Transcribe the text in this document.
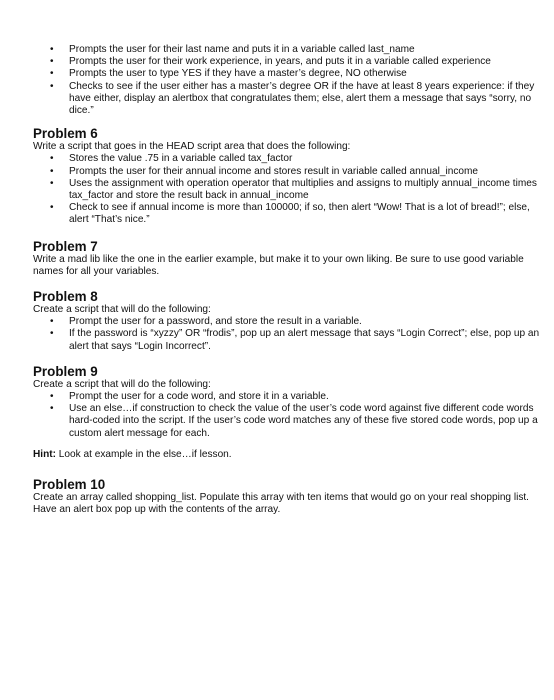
• Prompts the user for their last name and puts it in a variable called last_name
• Prompts the user for their work experience, in years, and puts it in a variable called experience
• Prompts the user to type YES if they have a master’s degree, NO otherwise
• Checks to see if the user either has a master’s degree OR if the have at least 8 years experience: if they have either, display an alertbox that congratulates them; else, alert them a message that says “sorry, no dice.”
Problem 6

Write a script that goes in the HEAD script area that does the following:

• Stores the value .75 in a variable called tax_factor
• Prompts the user for their annual income and stores result in variable called annual_income
• Uses the assignment with operation operator that multiplies and assigns to multiply annual_income times tax_factor and store the result back in annual_income
• Check to see if annual income is more than 100000; if so, then alert “Wow! That is a lot of bread!”; else, alert “That’s nice.”
Problem 7

Write a mad lib like the one in the earlier example, but make it to your own liking. Be sure to use good variable names for all your variables.

Problem 8

Create a script that will do the following:

• Prompt the user for a password, and store the result in a variable.
• If the password is “xyzzy” OR “frodis”, pop up an alert message that says “Login Correct”; else, pop up an alert that says “Login Incorrect”.
Problem 9

Create a script that will do the following:

• Prompt the user for a code word, and store it in a variable.
• Use an else…if construction to check the value of the user’s code word against five different code words hard-coded into the script. If the user’s code word matches any of these five stored code words, pop up a custom alert message for each.

Hint: Look at example in the else…if lesson.

Problem 10

Create an array called shopping_list. Populate this array with ten items that would go on your real shopping list. Have an alert box pop up with the contents of the array.
